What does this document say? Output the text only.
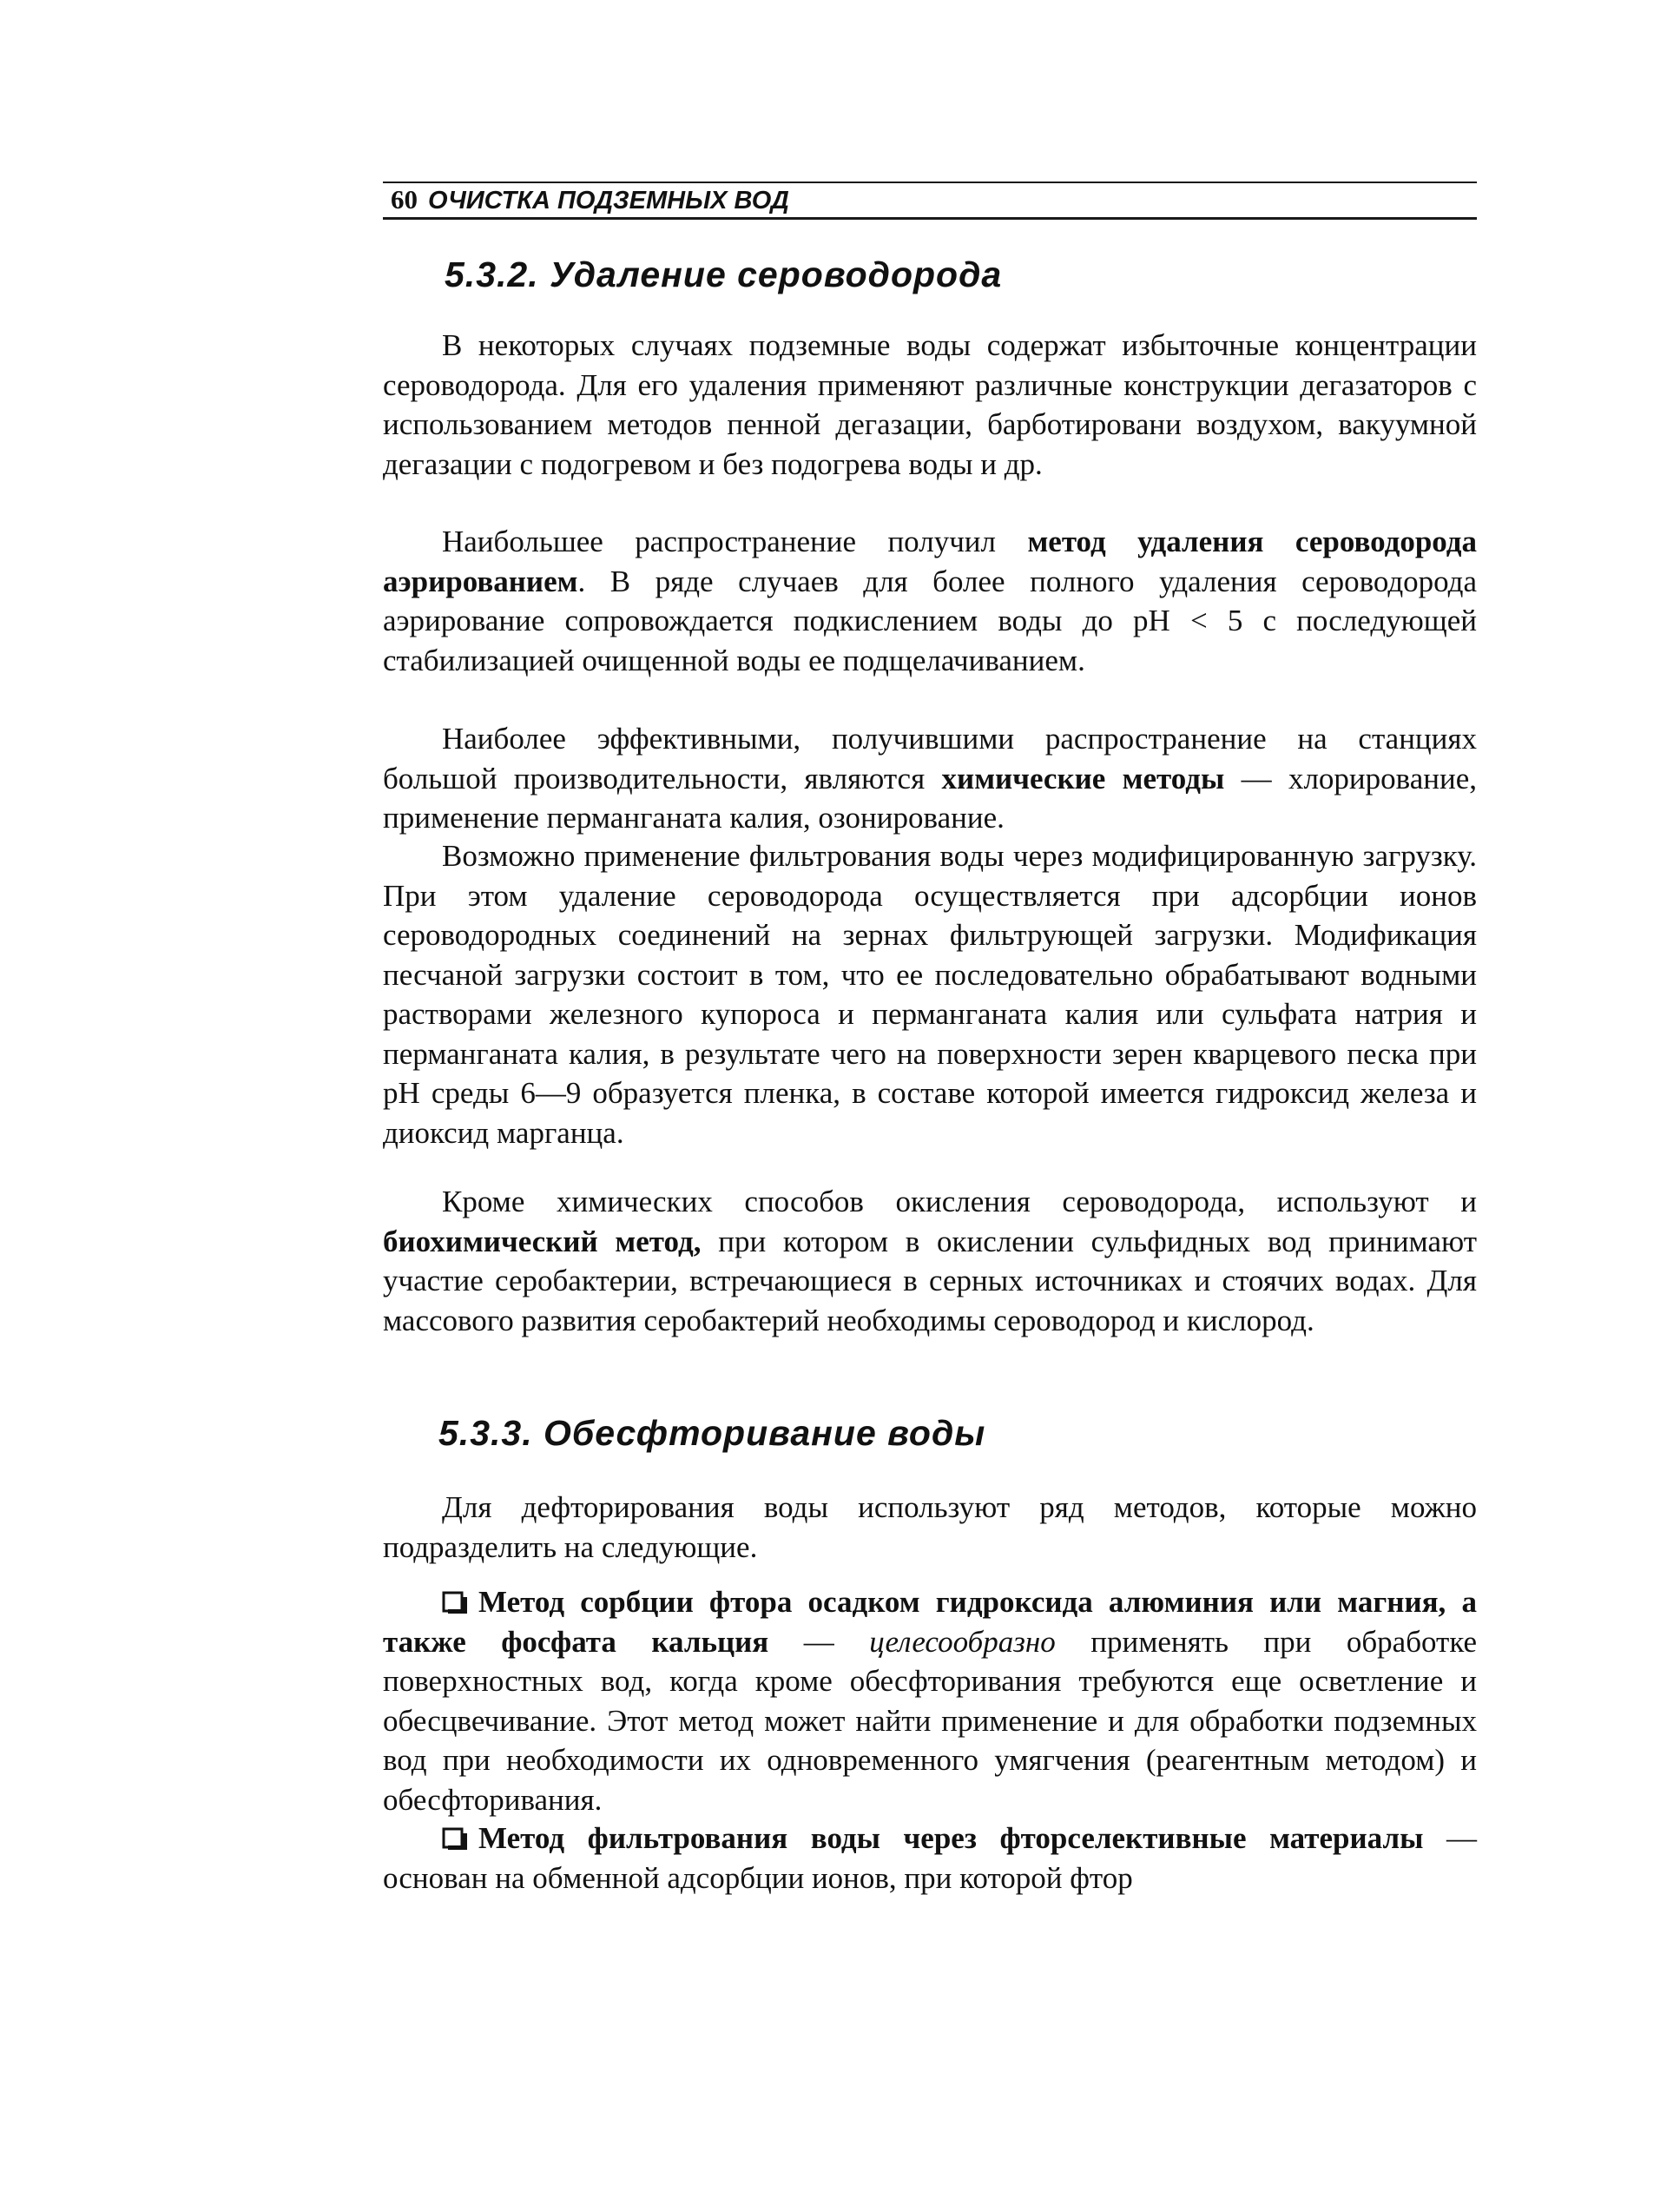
60 ОЧИСТКА ПОДЗЕМНЫХ ВОД
5.3.2. Удаление сероводорода

В некоторых случаях подземные воды содержат избыточные концентрации сероводорода. Для его удаления применяют различные конструкции дегазаторов с использованием методов пенной дегазации, барботировани воздухом, вакуумной дегазации с подогревом и без подогрева воды и др.

Наибольшее распространение получил метод удаления сероводорода аэрированием. В ряде случаев для более полного удаления сероводорода аэрирование сопровождается подкислением воды до pH < 5 с последующей стабилизацией очищенной воды ее подщелачиванием.

Наиболее эффективными, получившими распространение на станциях большой производительности, являются химические методы — хлорирование, применение перманганата калия, озонирование.

Возможно применение фильтрования воды через модифицированную загрузку. При этом удаление сероводорода осуществляется при адсорбции ионов сероводородных соединений на зернах фильтрующей загрузки. Модификация песчаной загрузки состоит в том, что ее последовательно обрабатывают водными растворами железного купороса и перманганата калия или сульфата натрия и перманганата калия, в результате чего на поверхности зерен кварцевого песка при pH среды 6—9 образуется пленка, в составе которой имеется гидроксид железа и диоксид марганца.

Кроме химических способов окисления сероводорода, используют и биохимический метод, при котором в окислении сульфидных вод принимают участие серобактерии, встречающиеся в серных источниках и стоячих водах. Для массового развития серобактерий необходимы сероводород и кислород.

5.3.3. Обесфторивание воды

Для дефторирования воды используют ряд методов, которые можно подразделить на следующие.

Метод сорбции фтора осадком гидроксида алюминия или магния, а также фосфата кальция — целесообразно применять при обработке поверхностных вод, когда кроме обесфторивания требуются еще осветление и обесцвечивание. Этот метод может найти применение и для обработки подземных вод при необходимости их одновременного умягчения (реагентным методом) и обесфторивания.

Метод фильтрования воды через фторселективные материалы — основан на обменной адсорбции ионов, при которой фтор
